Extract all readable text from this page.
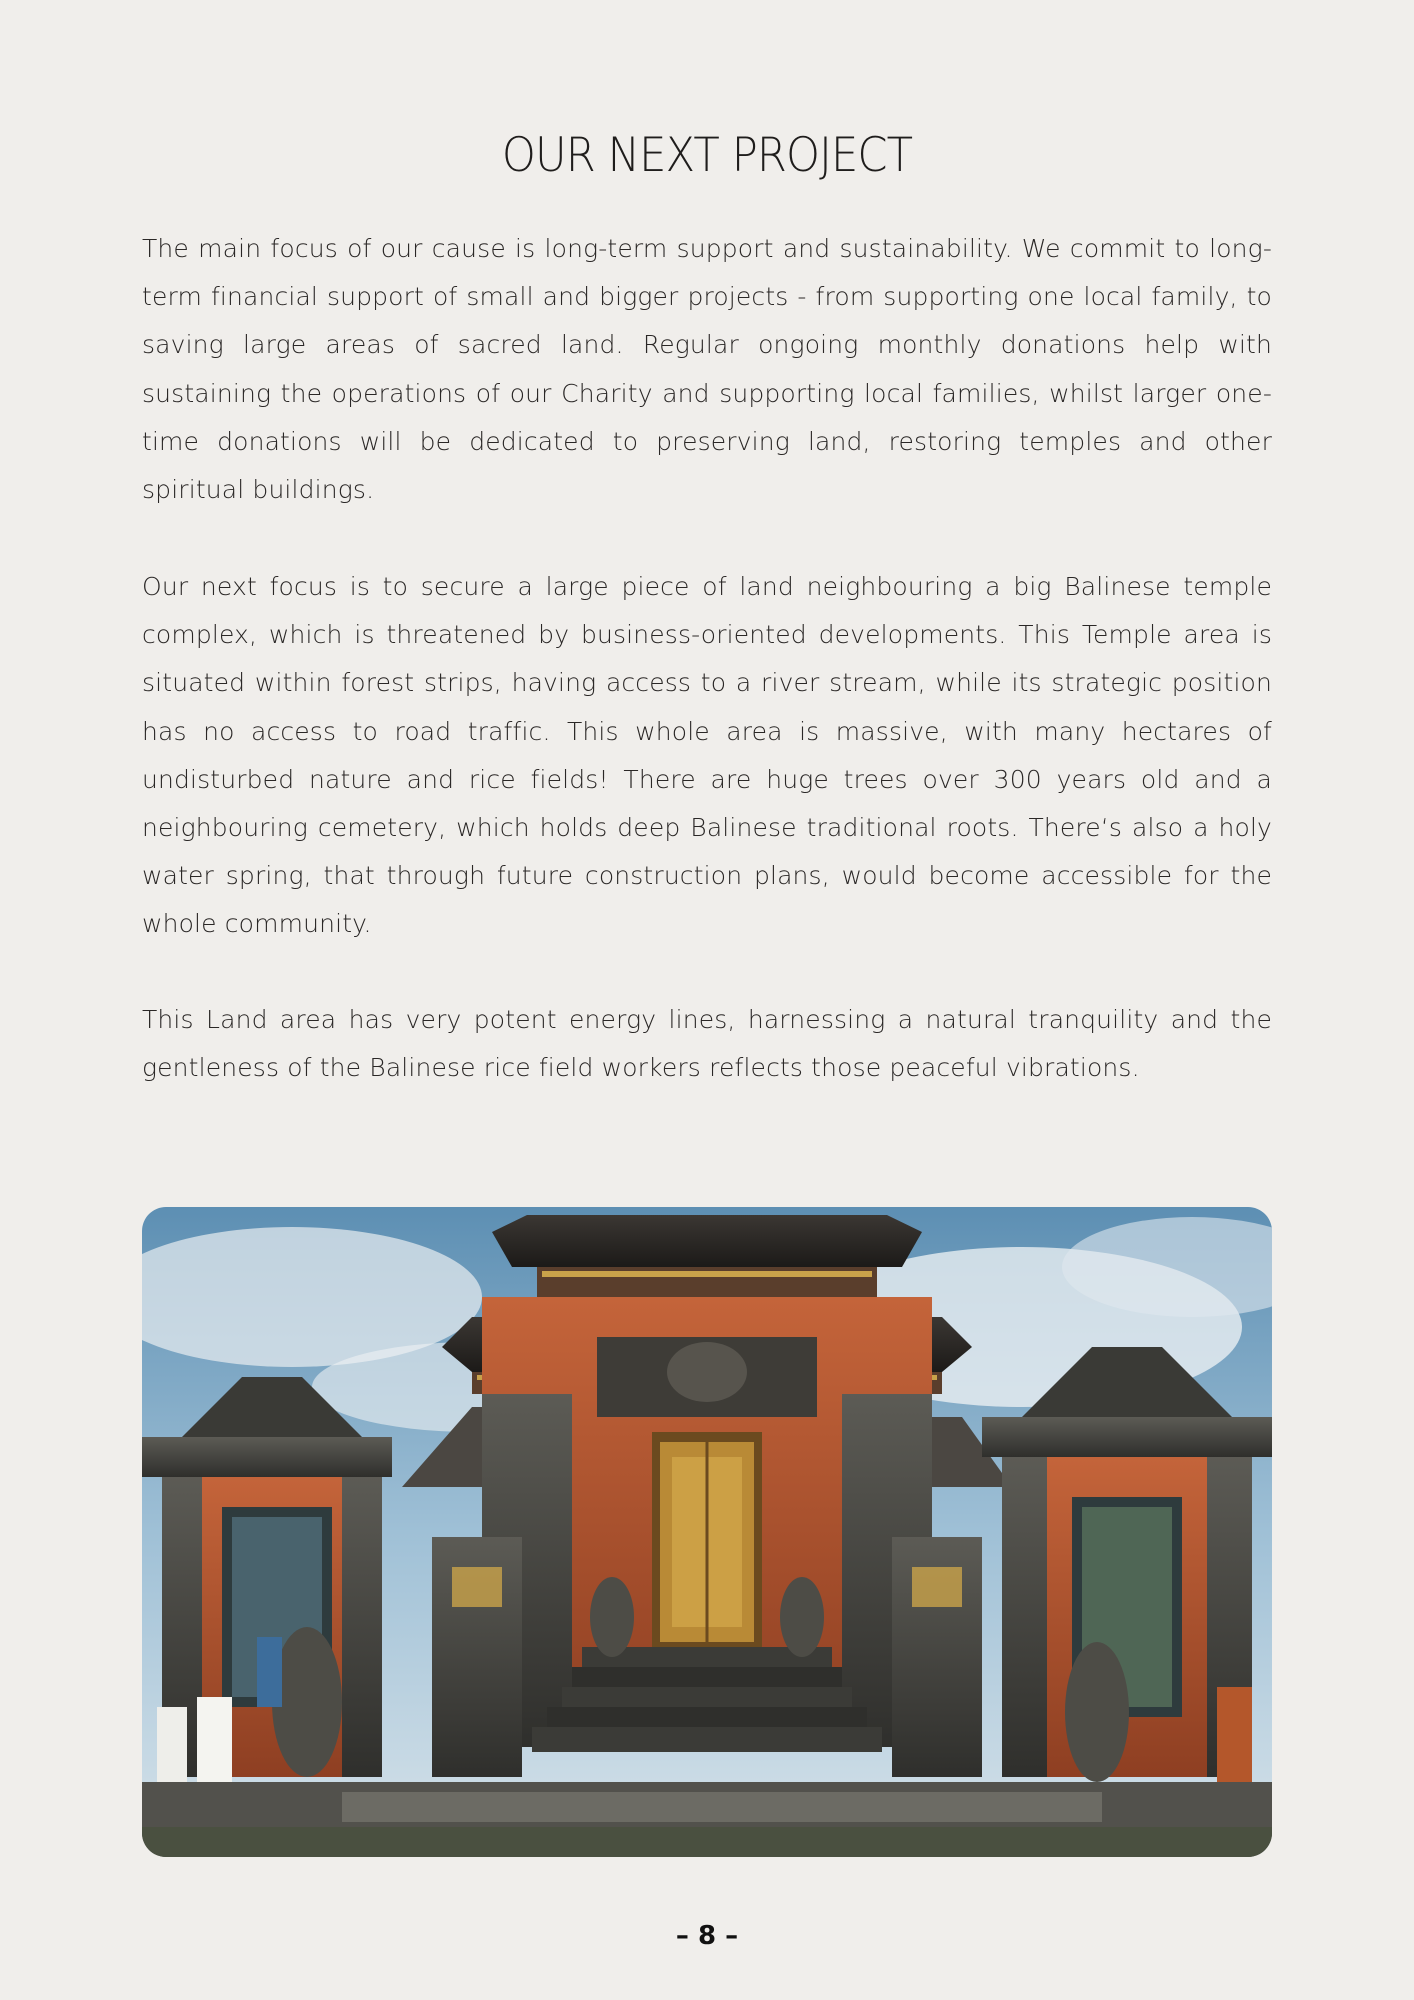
OUR NEXT PROJECT

The main focus of our cause is long-term support and sustainability. We commit to long-term financial support of small and bigger projects - from supporting one local family, to saving large areas of sacred land. Regular ongoing monthly donations help with sustaining the operations of our Charity and supporting local families, whilst larger one-time donations will be dedicated to preserving land, restoring temples and other spiritual buildings.

Our next focus is to secure a large piece of land neighbouring a big Balinese temple complex, which is threatened by business-oriented developments. This Temple area is situated within forest strips, having access to a river stream, while its strategic position has no access to road traffic. This whole area is massive, with many hectares of undisturbed nature and rice fields! There are huge trees over 300 years old and a neighbouring cemetery, which holds deep Balinese traditional roots. There‘s also a holy water spring, that through future construction plans, would become accessible for the whole community.

This Land area has very potent energy lines, harnessing a natural tranquility and the gentleness of the Balinese rice field workers reflects those peaceful vibrations.

– 8 –
